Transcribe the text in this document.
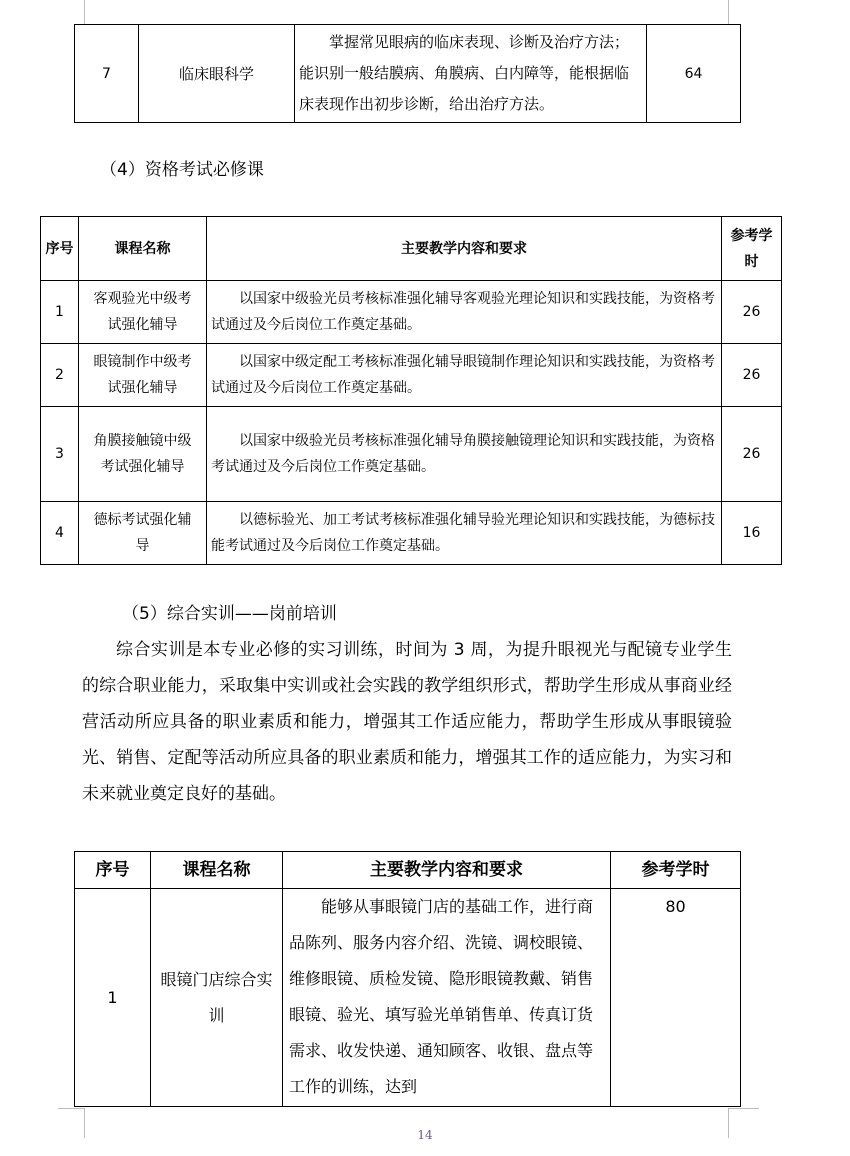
7	临床眼科学	掌握常见眼病的临床表现、诊断及治疗方法；能识别一般结膜病、角膜病、白内障等，能根据临床表现作出初步诊断，给出治疗方法。	64
（4）资格考试必修课
序号	课程名称	主要教学内容和要求	参考学时
1	客观验光中级考试强化辅导	以国家中级验光员考核标准强化辅导客观验光理论知识和实践技能，为资格考试通过及今后岗位工作奠定基础。	26
2	眼镜制作中级考试强化辅导	以国家中级定配工考核标准强化辅导眼镜制作理论知识和实践技能，为资格考试通过及今后岗位工作奠定基础。	26
3	角膜接触镜中级考试强化辅导	以国家中级验光员考核标准强化辅导角膜接触镜理论知识和实践技能，为资格考试通过及今后岗位工作奠定基础。	26
4	德标考试强化辅导	以德标验光、加工考试考核标准强化辅导验光理论知识和实践技能，为德标技能考试通过及今后岗位工作奠定基础。	16
（5）综合实训——岗前培训
综合实训是本专业必修的实习训练，时间为 3 周，为提升眼视光与配镜专业学生的综合职业能力，采取集中实训或社会实践的教学组织形式，帮助学生形成从事商业经营活动所应具备的职业素质和能力，增强其工作适应能力，帮助学生形成从事眼镜验光、销售、定配等活动所应具备的职业素质和能力，增强其工作的适应能力，为实习和未来就业奠定良好的基础。
序号	课程名称	主要教学内容和要求	参考学时
1	眼镜门店综合实训	能够从事眼镜门店的基础工作，进行商品陈列、服务内容介绍、洗镜、调校眼镜、维修眼镜、质检发镜、隐形眼镜教戴、销售眼镜、验光、填写验光单销售单、传真订货需求、收发快递、通知顾客、收银、盘点等工作的训练，达到	80
14
